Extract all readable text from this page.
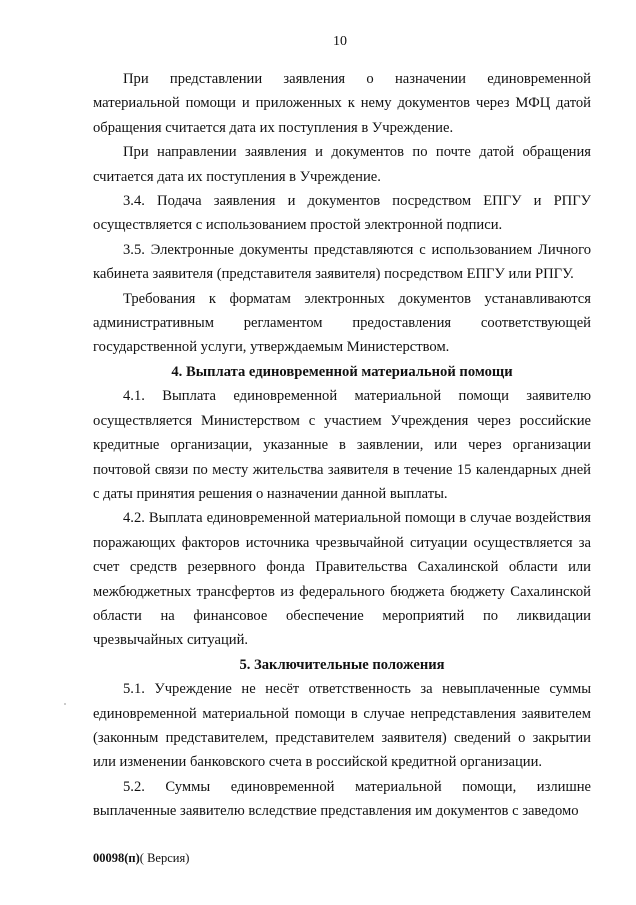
10

При представлении заявления о назначении единовременной материальной помощи и приложенных к нему документов через МФЦ датой обращения считается дата их поступления в Учреждение.

При направлении заявления и документов по почте датой обращения считается дата их поступления в Учреждение.

3.4. Подача заявления и документов посредством ЕПГУ и РПГУ осуществляется с использованием простой электронной подписи.

3.5. Электронные документы представляются с использованием Личного кабинета заявителя (представителя заявителя) посредством ЕПГУ или РПГУ.

Требования к форматам электронных документов устанавливаются административным регламентом предоставления соответствующей государственной услуги, утверждаемым Министерством.

4. Выплата единовременной материальной помощи

4.1. Выплата единовременной материальной помощи заявителю осуществляется Министерством с участием Учреждения через российские кредитные организации, указанные в заявлении, или через организации почтовой связи по месту жительства заявителя в течение 15 календарных дней с даты принятия решения о назначении данной выплаты.

4.2. Выплата единовременной материальной помощи в случае воздействия поражающих факторов источника чрезвычайной ситуации осуществляется за счет средств резервного фонда Правительства Сахалинской области или межбюджетных трансфертов из федерального бюджета бюджету Сахалинской области на финансовое обеспечение мероприятий по ликвидации чрезвычайных ситуаций.

5. Заключительные положения

5.1. Учреждение не несёт ответственность за невыплаченные суммы единовременной материальной помощи в случае непредставления заявителем (законным представителем, представителем заявителя) сведений о закрытии или изменении банковского счета в российской кредитной организации.

5.2. Суммы единовременной материальной помощи, излишне выплаченные заявителю вследствие представления им документов с заведомо

00098(п)( Версия)
